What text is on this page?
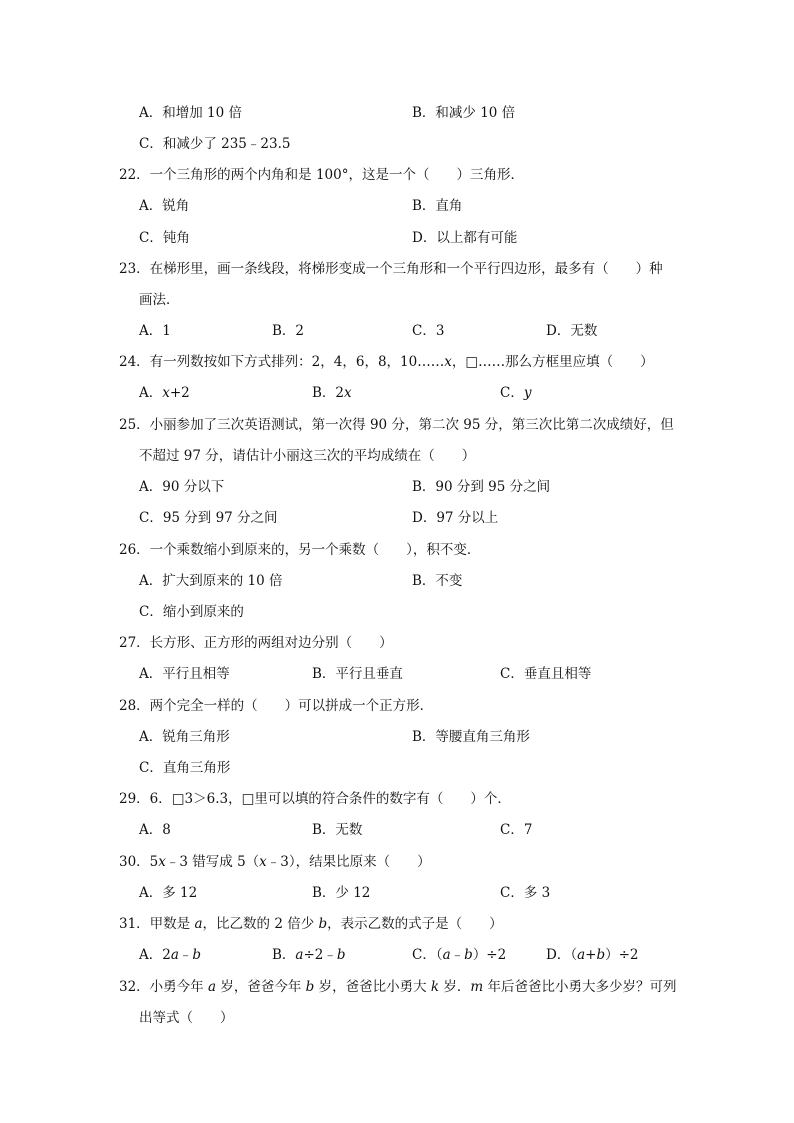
A．和增加 10 倍	B．和减少 10 倍
C．和减少了 235﹣23.5
22．一个三角形的两个内角和是 100°，这是一个（　　）三角形．
A．锐角	B．直角
C．钝角	D．以上都有可能
23．在梯形里，画一条线段，将梯形变成一个三角形和一个平行四边形，最多有（　　）种
画法．
A．1	B．2	C．3	D．无数
24．有一列数按如下方式排列：2，4，6，8，10……x，□……那么方框里应填（　　）
A．x+2	B．2x	C．y
25．小丽参加了三次英语测试，第一次得 90 分，第二次 95 分，第三次比第二次成绩好，但
不超过 97 分，请估计小丽这三次的平均成绩在（　　）
A．90 分以下	B．90 分到 95 分之间
C．95 分到 97 分之间	D．97 分以上
26．一个乘数缩小到原来的，另一个乘数（　　），积不变．
A．扩大到原来的 10 倍	B．不变
C．缩小到原来的
27．长方形、正方形的两组对边分别（　　）
A．平行且相等	B．平行且垂直	C．垂直且相等
28．两个完全一样的（　　）可以拼成一个正方形．
A．锐角三角形	B．等腰直角三角形
C．直角三角形
29．6．□3＞6.3，□里可以填的符合条件的数字有（　　）个．
A．8	B．无数	C．7
30．5x﹣3 错写成 5（x﹣3），结果比原来（　　）
A．多 12	B．少 12	C．多 3
31．甲数是 a，比乙数的 2 倍少 b，表示乙数的式子是（　　）
A．2a﹣b	B．a÷2﹣b	C．（a﹣b）÷2	D．（a+b）÷2
32．小勇今年 a 岁，爸爸今年 b 岁，爸爸比小勇大 k 岁．m 年后爸爸比小勇大多少岁？可列
出等式（　　）
